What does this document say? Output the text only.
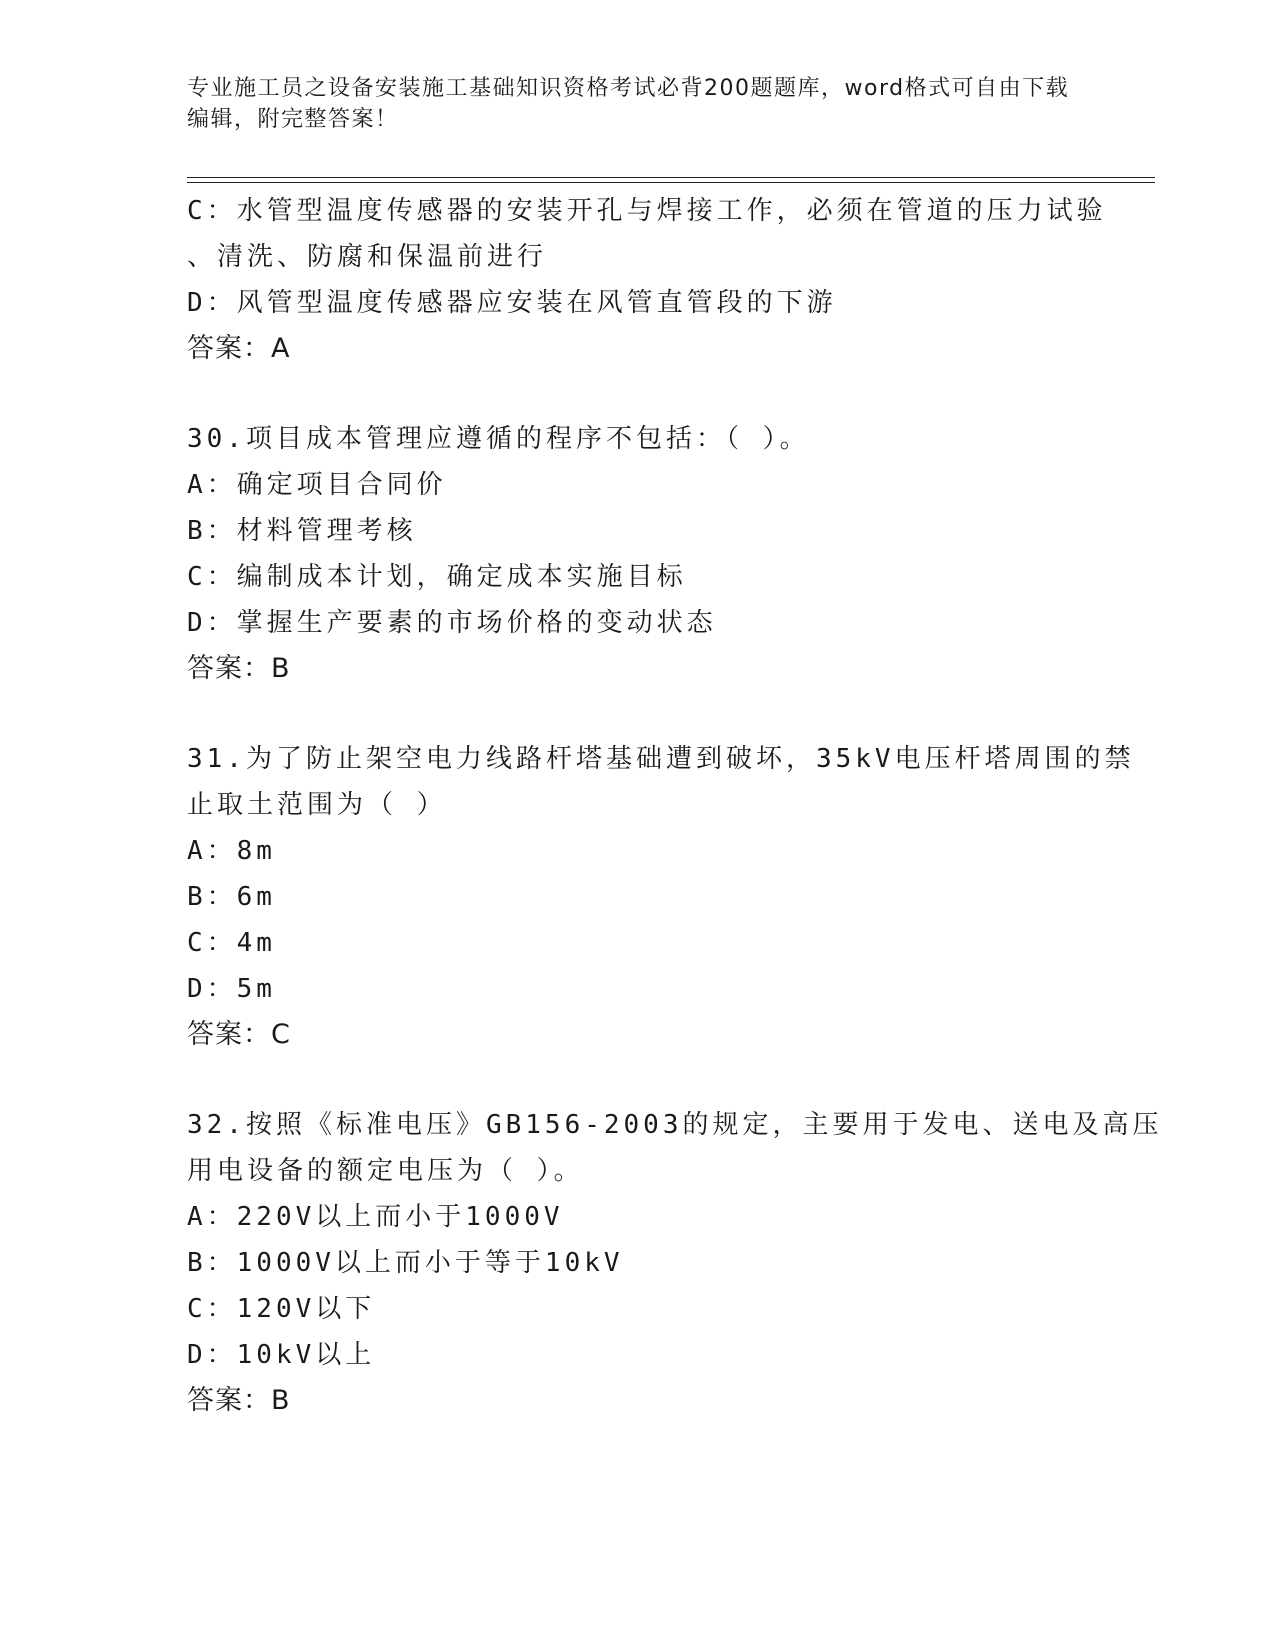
专业施工员之设备安装施工基础知识资格考试必背200题题库，word格式可自由下载编辑，附完整答案！
C：水管型温度传感器的安装开孔与焊接工作，必须在管道的压力试验
、清洗、防腐和保温前进行
D：风管型温度传感器应安装在风管直管段的下游
答案：A
30.项目成本管理应遵循的程序不包括：（ ）。
A：确定项目合同价
B：材料管理考核
C：编制成本计划，确定成本实施目标
D：掌握生产要素的市场价格的变动状态
答案：B
31.为了防止架空电力线路杆塔基础遭到破坏，35kV电压杆塔周围的禁
止取土范围为（ ）
A：8m
B：6m
C：4m
D：5m
答案：C
32.按照《标准电压》GB156-2003的规定，主要用于发电、送电及高压
用电设备的额定电压为（ ）。
A：220V以上而小于1000V
B：1000V以上而小于等于10kV
C：120V以下
D：10kV以上
答案：B
